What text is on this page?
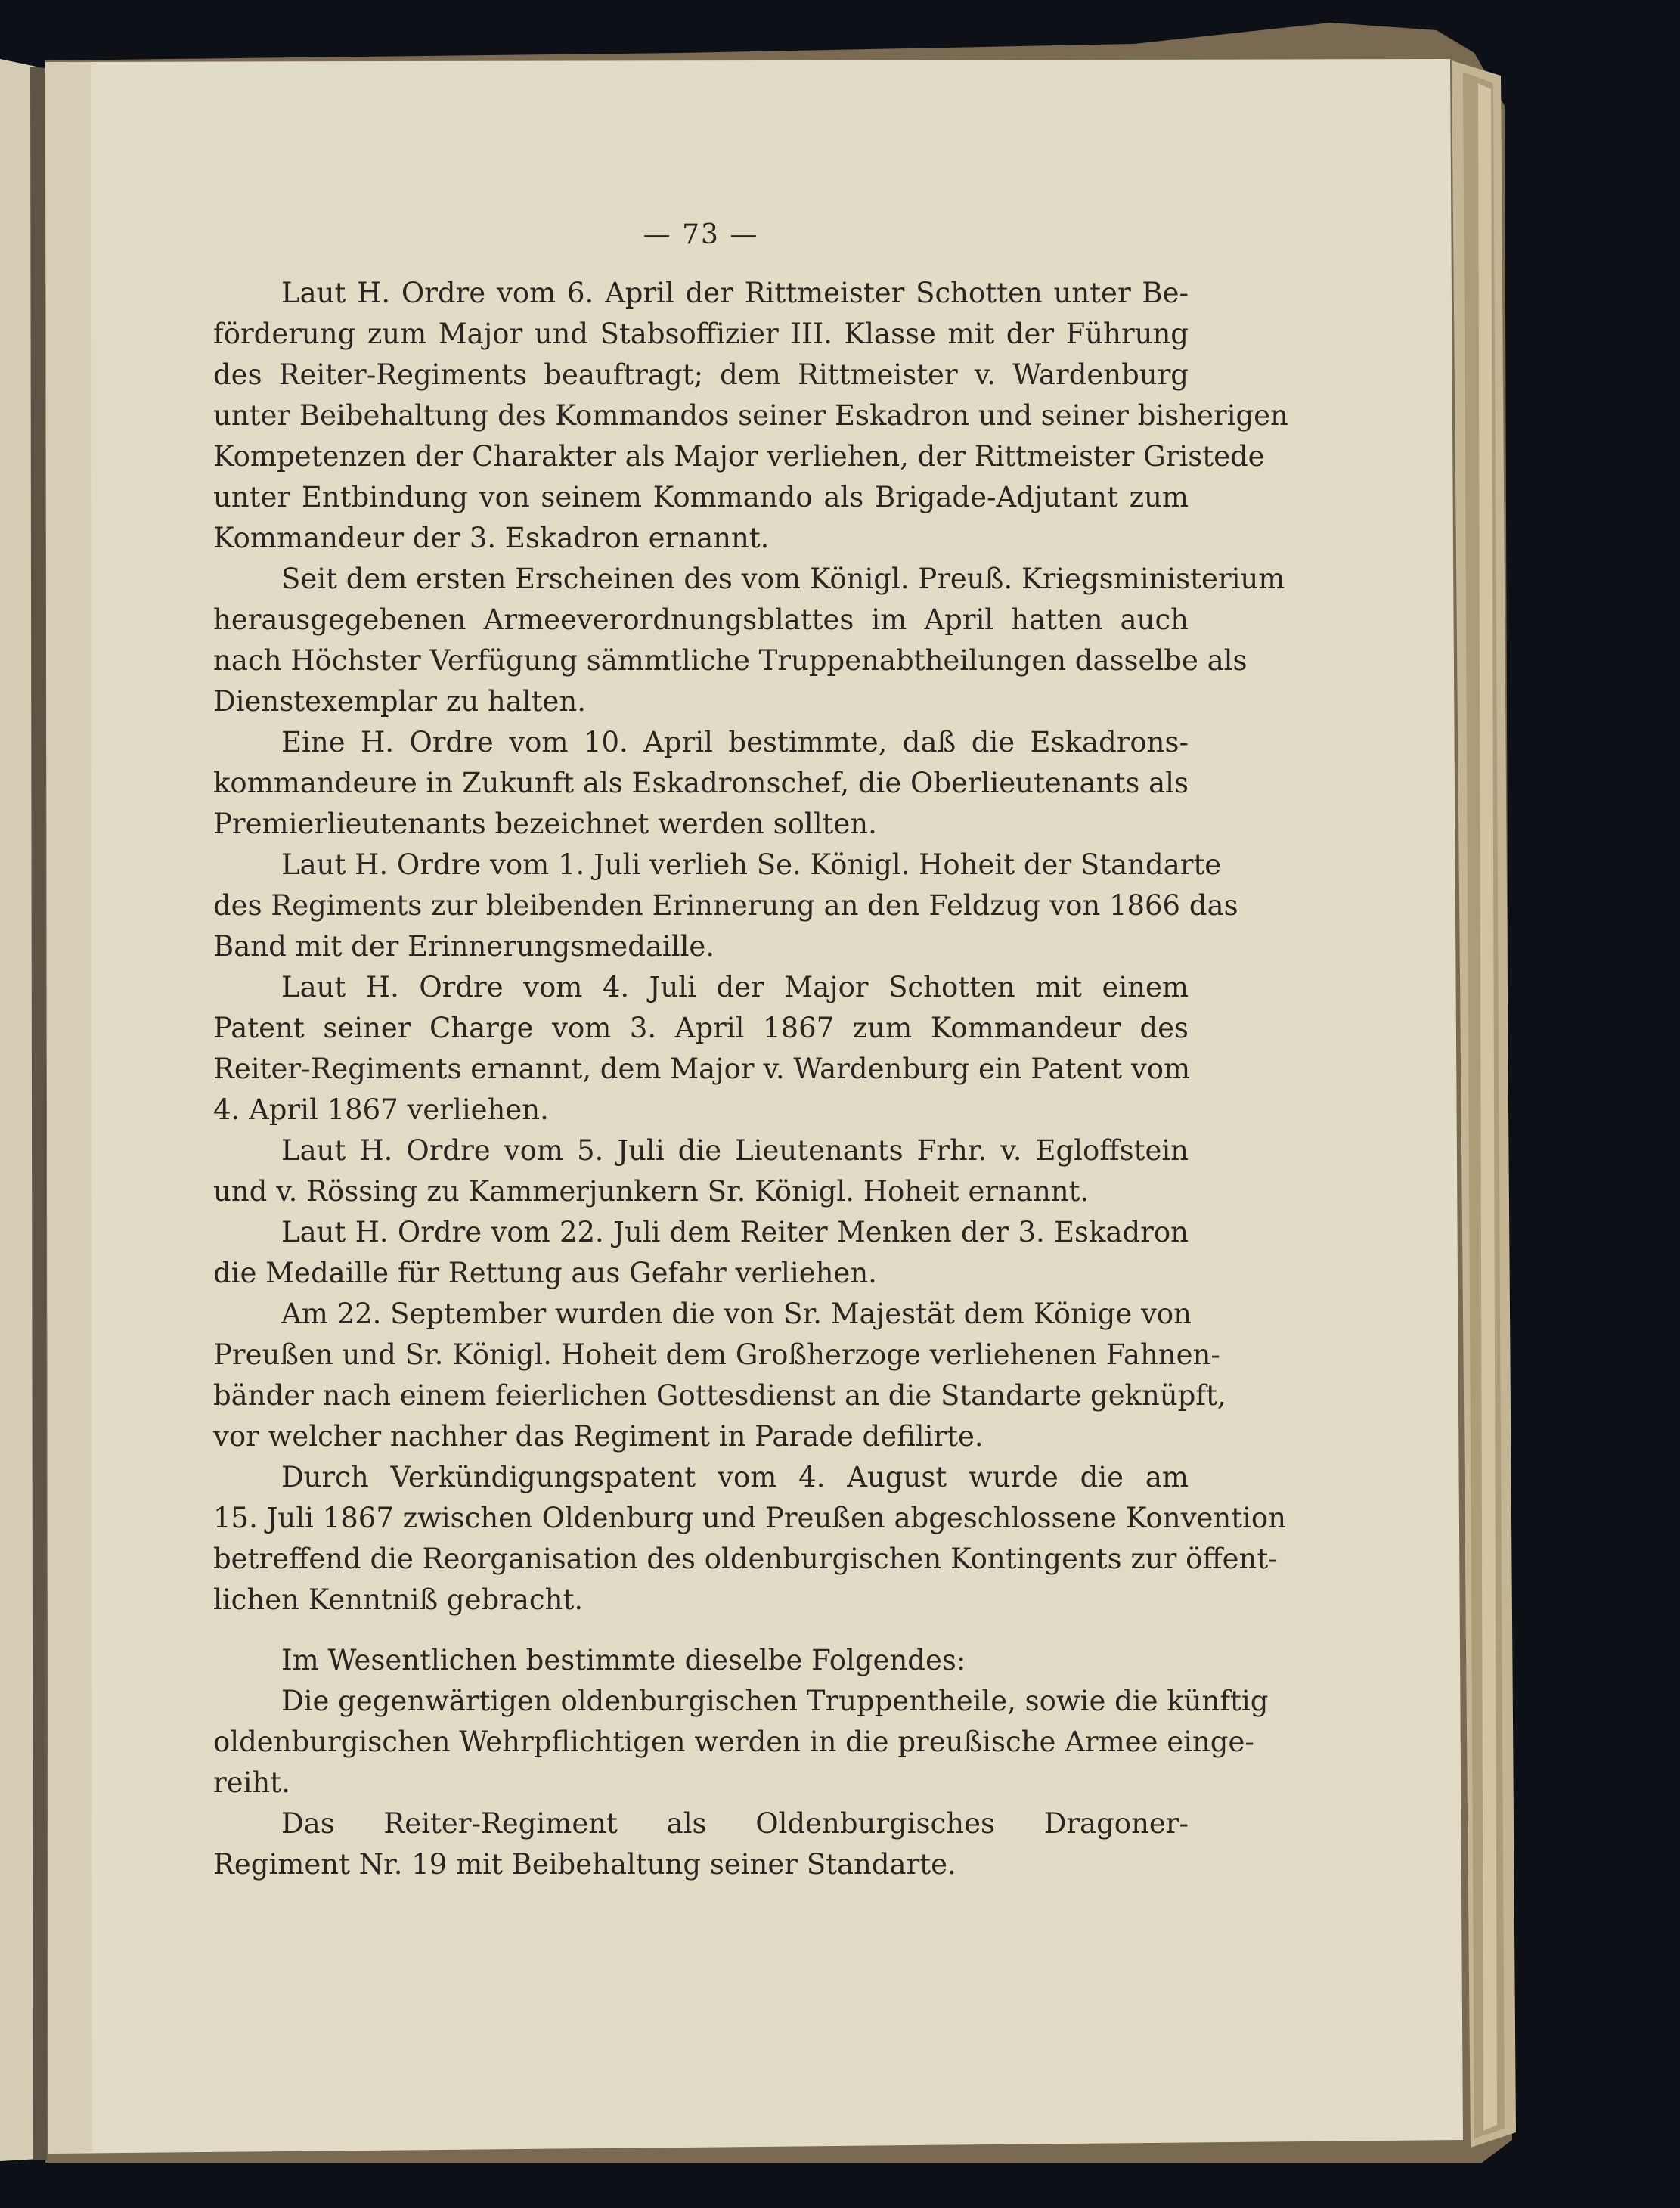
— 73 —
Laut H. Ordre vom 6. April der Rittmeister Schotten unter Be-
förderung zum Major und Stabsoffizier III. Klasse mit der Führung
des Reiter-Regiments beauftragt; dem Rittmeister v. Wardenburg
unter Beibehaltung des Kommandos seiner Eskadron und seiner bisherigen
Kompetenzen der Charakter als Major verliehen, der Rittmeister Gristede
unter Entbindung von seinem Kommando als Brigade-Adjutant zum
Kommandeur der 3. Eskadron ernannt.
Seit dem ersten Erscheinen des vom Königl. Preuß. Kriegsministerium
herausgegebenen Armeeverordnungsblattes im April hatten auch
nach Höchster Verfügung sämmtliche Truppenabtheilungen dasselbe als
Dienstexemplar zu halten.
Eine H. Ordre vom 10. April bestimmte, daß die Eskadrons-
kommandeure in Zukunft als Eskadronschef, die Oberlieutenants als
Premierlieutenants bezeichnet werden sollten.
Laut H. Ordre vom 1. Juli verlieh Se. Königl. Hoheit der Standarte
des Regiments zur bleibenden Erinnerung an den Feldzug von 1866 das
Band mit der Erinnerungsmedaille.
Laut H. Ordre vom 4. Juli der Major Schotten mit einem
Patent seiner Charge vom 3. April 1867 zum Kommandeur des
Reiter-Regiments ernannt, dem Major v. Wardenburg ein Patent vom
4. April 1867 verliehen.
Laut H. Ordre vom 5. Juli die Lieutenants Frhr. v. Egloffstein
und v. Rössing zu Kammerjunkern Sr. Königl. Hoheit ernannt.
Laut H. Ordre vom 22. Juli dem Reiter Menken der 3. Eskadron
die Medaille für Rettung aus Gefahr verliehen.
Am 22. September wurden die von Sr. Majestät dem Könige von
Preußen und Sr. Königl. Hoheit dem Großherzoge verliehenen Fahnen-
bänder nach einem feierlichen Gottesdienst an die Standarte geknüpft,
vor welcher nachher das Regiment in Parade defilirte.
Durch Verkündigungspatent vom 4. August wurde die am
15. Juli 1867 zwischen Oldenburg und Preußen abgeschlossene Konvention
betreffend die Reorganisation des oldenburgischen Kontingents zur öffent-
lichen Kenntniß gebracht.
Im Wesentlichen bestimmte dieselbe Folgendes:
Die gegenwärtigen oldenburgischen Truppentheile, sowie die künftig
oldenburgischen Wehrpflichtigen werden in die preußische Armee einge-
reiht.
Das Reiter-Regiment als Oldenburgisches Dragoner-
Regiment Nr. 19 mit Beibehaltung seiner Standarte.
